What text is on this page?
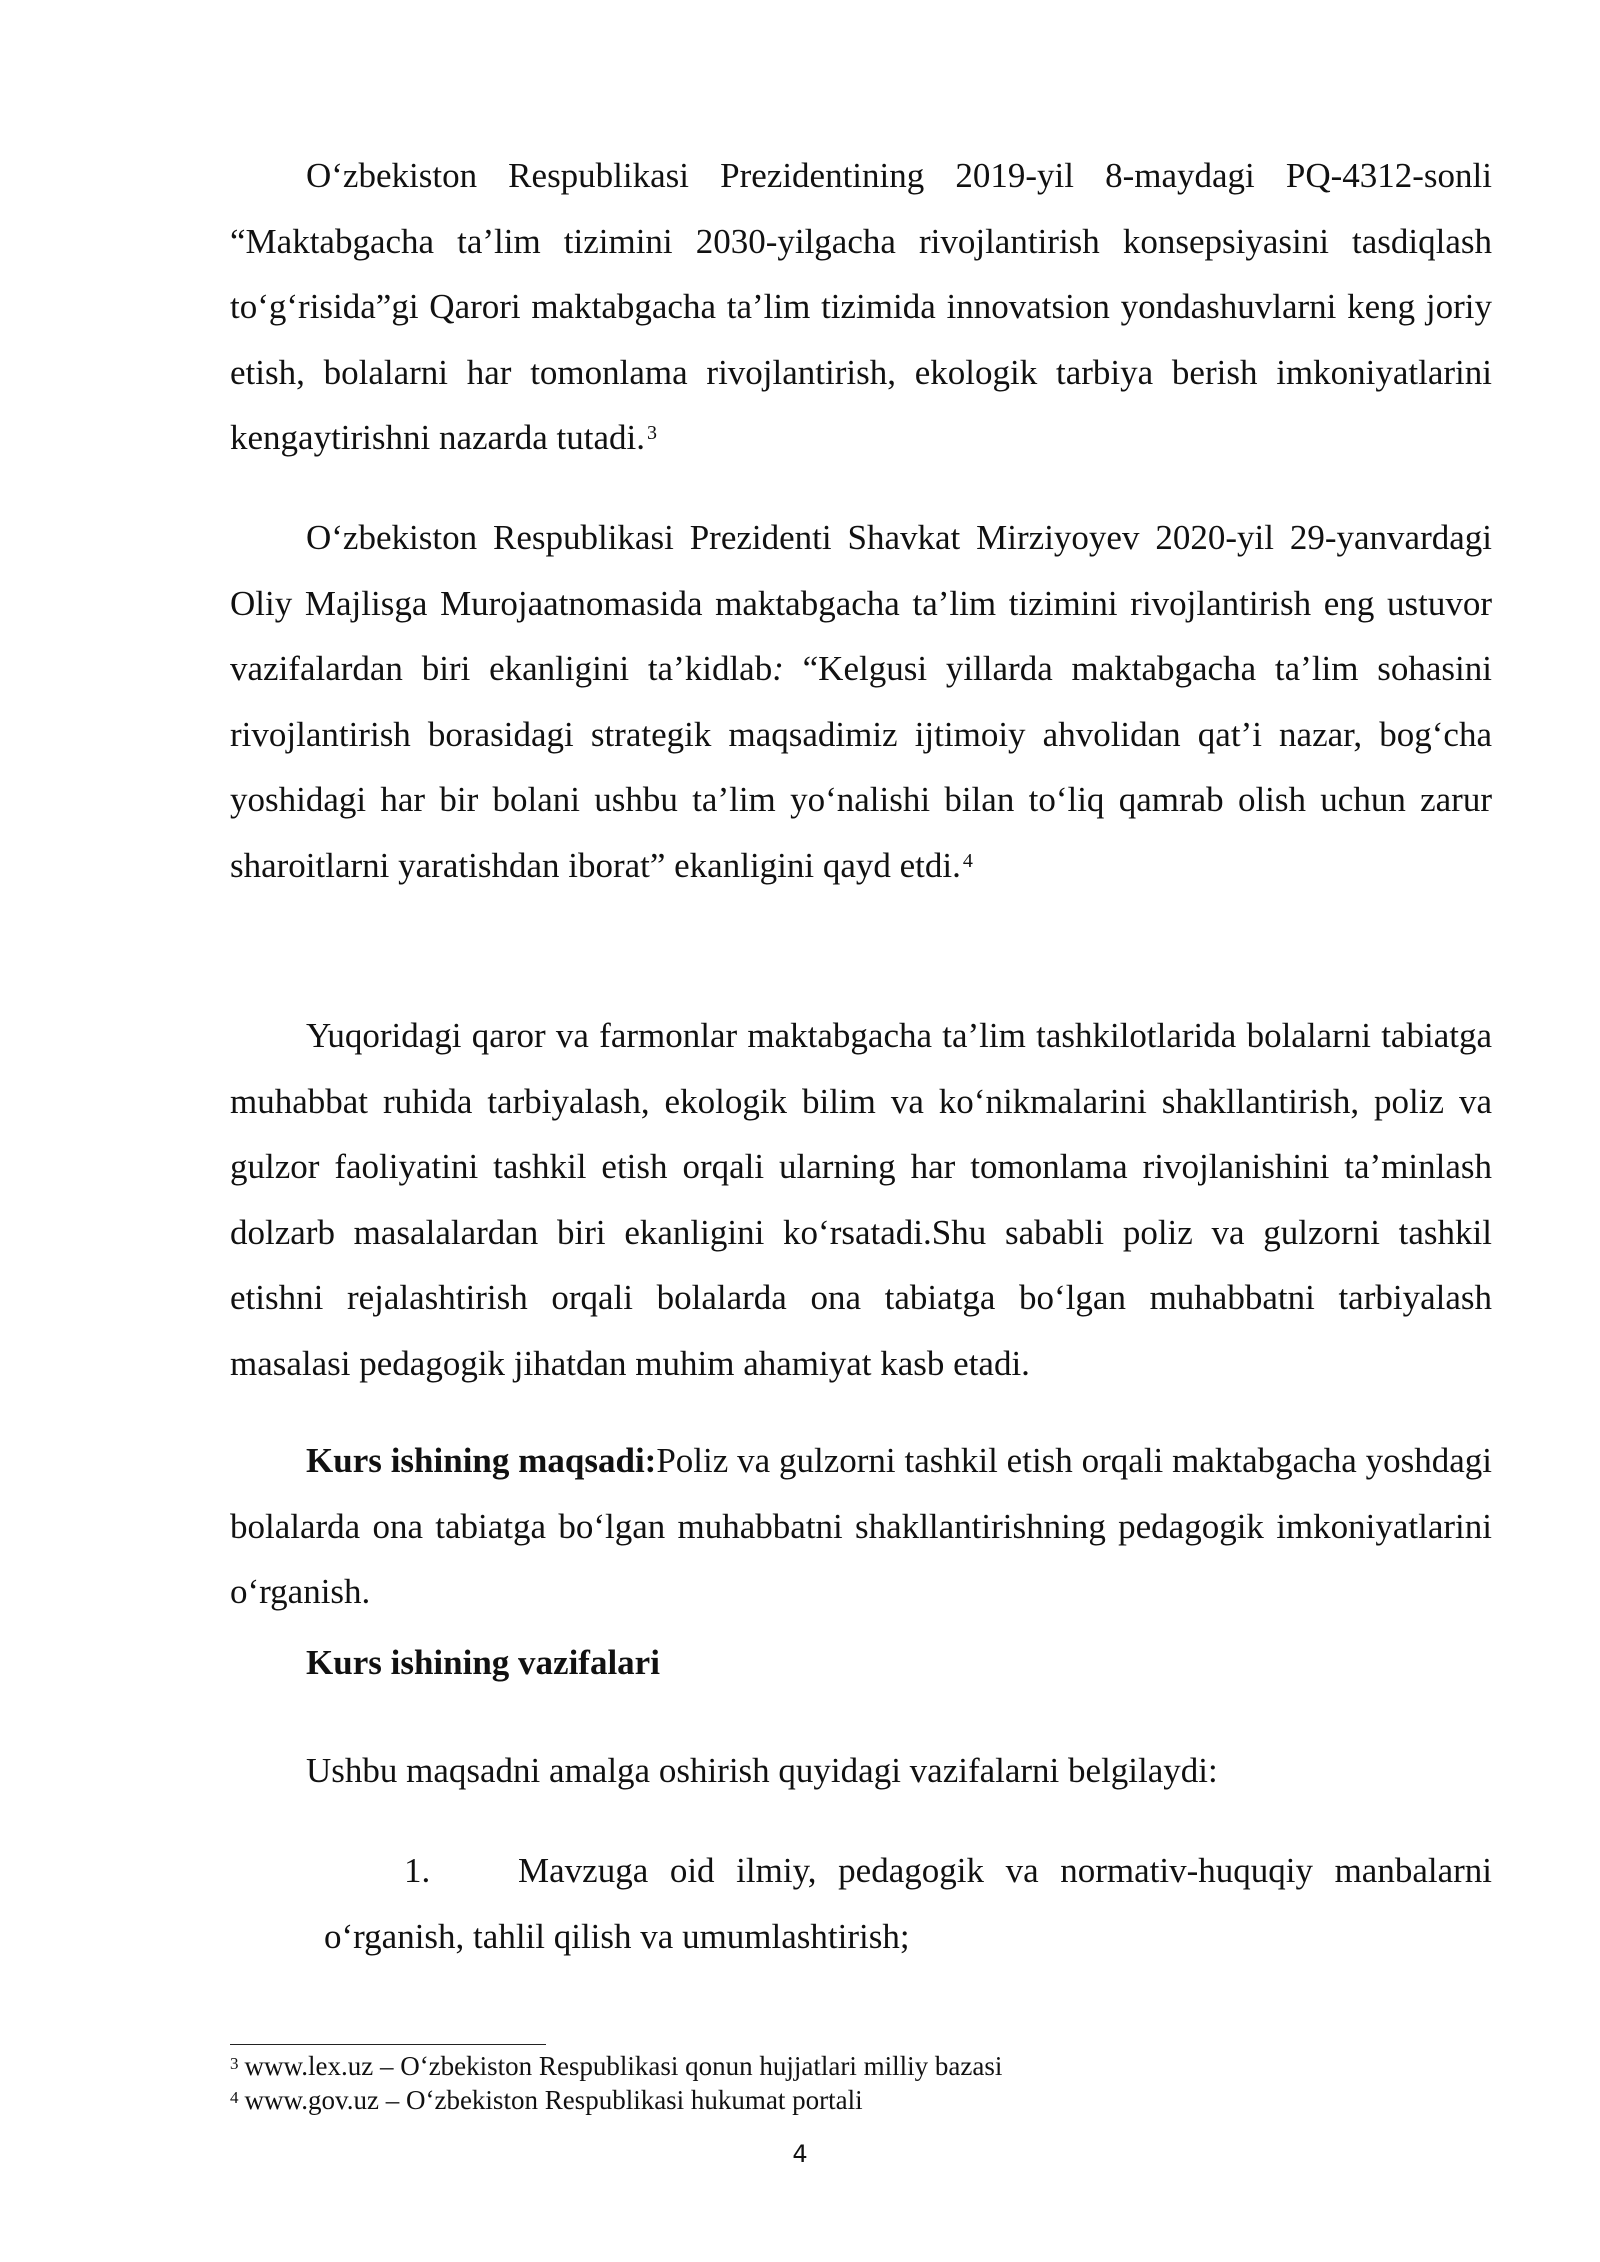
O‘zbekiston Respublikasi Prezidentining 2019-yil 8-maydagi PQ-4312-sonli “Maktabgacha ta’lim tizimini 2030-yilgacha rivojlantirish konsepsiyasini tasdiqlash to‘g‘risida”gi Qarori maktabgacha ta’lim tizimida innovatsion yondashuvlarni keng joriy etish, bolalarni har tomonlama rivojlantirish, ekologik tarbiya berish imkoniyatlarini kengaytirishni nazarda tutadi. $^3$

O‘zbekiston Respublikasi Prezidenti Shavkat Mirziyoyev 2020-yil 29-yanvardagi Oliy Majlisga Murojaatnomasida maktabgacha ta’lim tizimini rivojlantirish eng ustuvor vazifalardan biri ekanligini ta’kidlab: “Kelgusi yillarda maktabgacha ta’lim sohasini rivojlantirish borasidagi strategik maqsadimiz ijtimoiy ahvolidan qat’i nazar, bog‘cha yoshidagi har bir bolani ushbu ta’lim yo‘nalishi bilan to‘liq qamrab olish uchun zarur sharoitlarni yaratishdan iborat” ekanligini qayd etdi. $^4$

Yuqoridagi qaror va farmonlar maktabgacha ta’lim tashkilotlarida bolalarni tabiatga muhabbat ruhida tarbiyalash, ekologik bilim va ko‘nikmalarini shakllantirish, poliz va gulzor faoliyatini tashkil etish orqali ularning har tomonlama rivojlanishini ta’minlash dolzarb masalalardan biri ekanligini ko‘rsatadi.Shu sababli poliz va gulzorni tashkil etishni rejalashtirish orqali bolalarda ona tabiatga bo‘lgan muhabbatni tarbiyalash masalasi pedagogik jihatdan muhim ahamiyat kasb etadi.

Kurs ishining maqsadi:Poliz va gulzorni tashkil etish orqali maktabgacha yoshdagi bolalarda ona tabiatga bo‘lgan muhabbatni shakllantirishning pedagogik imkoniyatlarini o‘rganish.

Kurs ishining vazifalari

Ushbu maqsadni amalga oshirish quyidagi vazifalarni belgilaydi:

1.	Mavzuga oid ilmiy, pedagogik va normativ-huquqiy manbalarni
o‘rganish, tahlil qilish va umumlashtirish;

$^3$ www.lex.uz – O‘zbekiston Respublikasi qonun hujjatlari milliy bazasi

$^4$ www.gov.uz – O‘zbekiston Respublikasi hukumat portali

4
